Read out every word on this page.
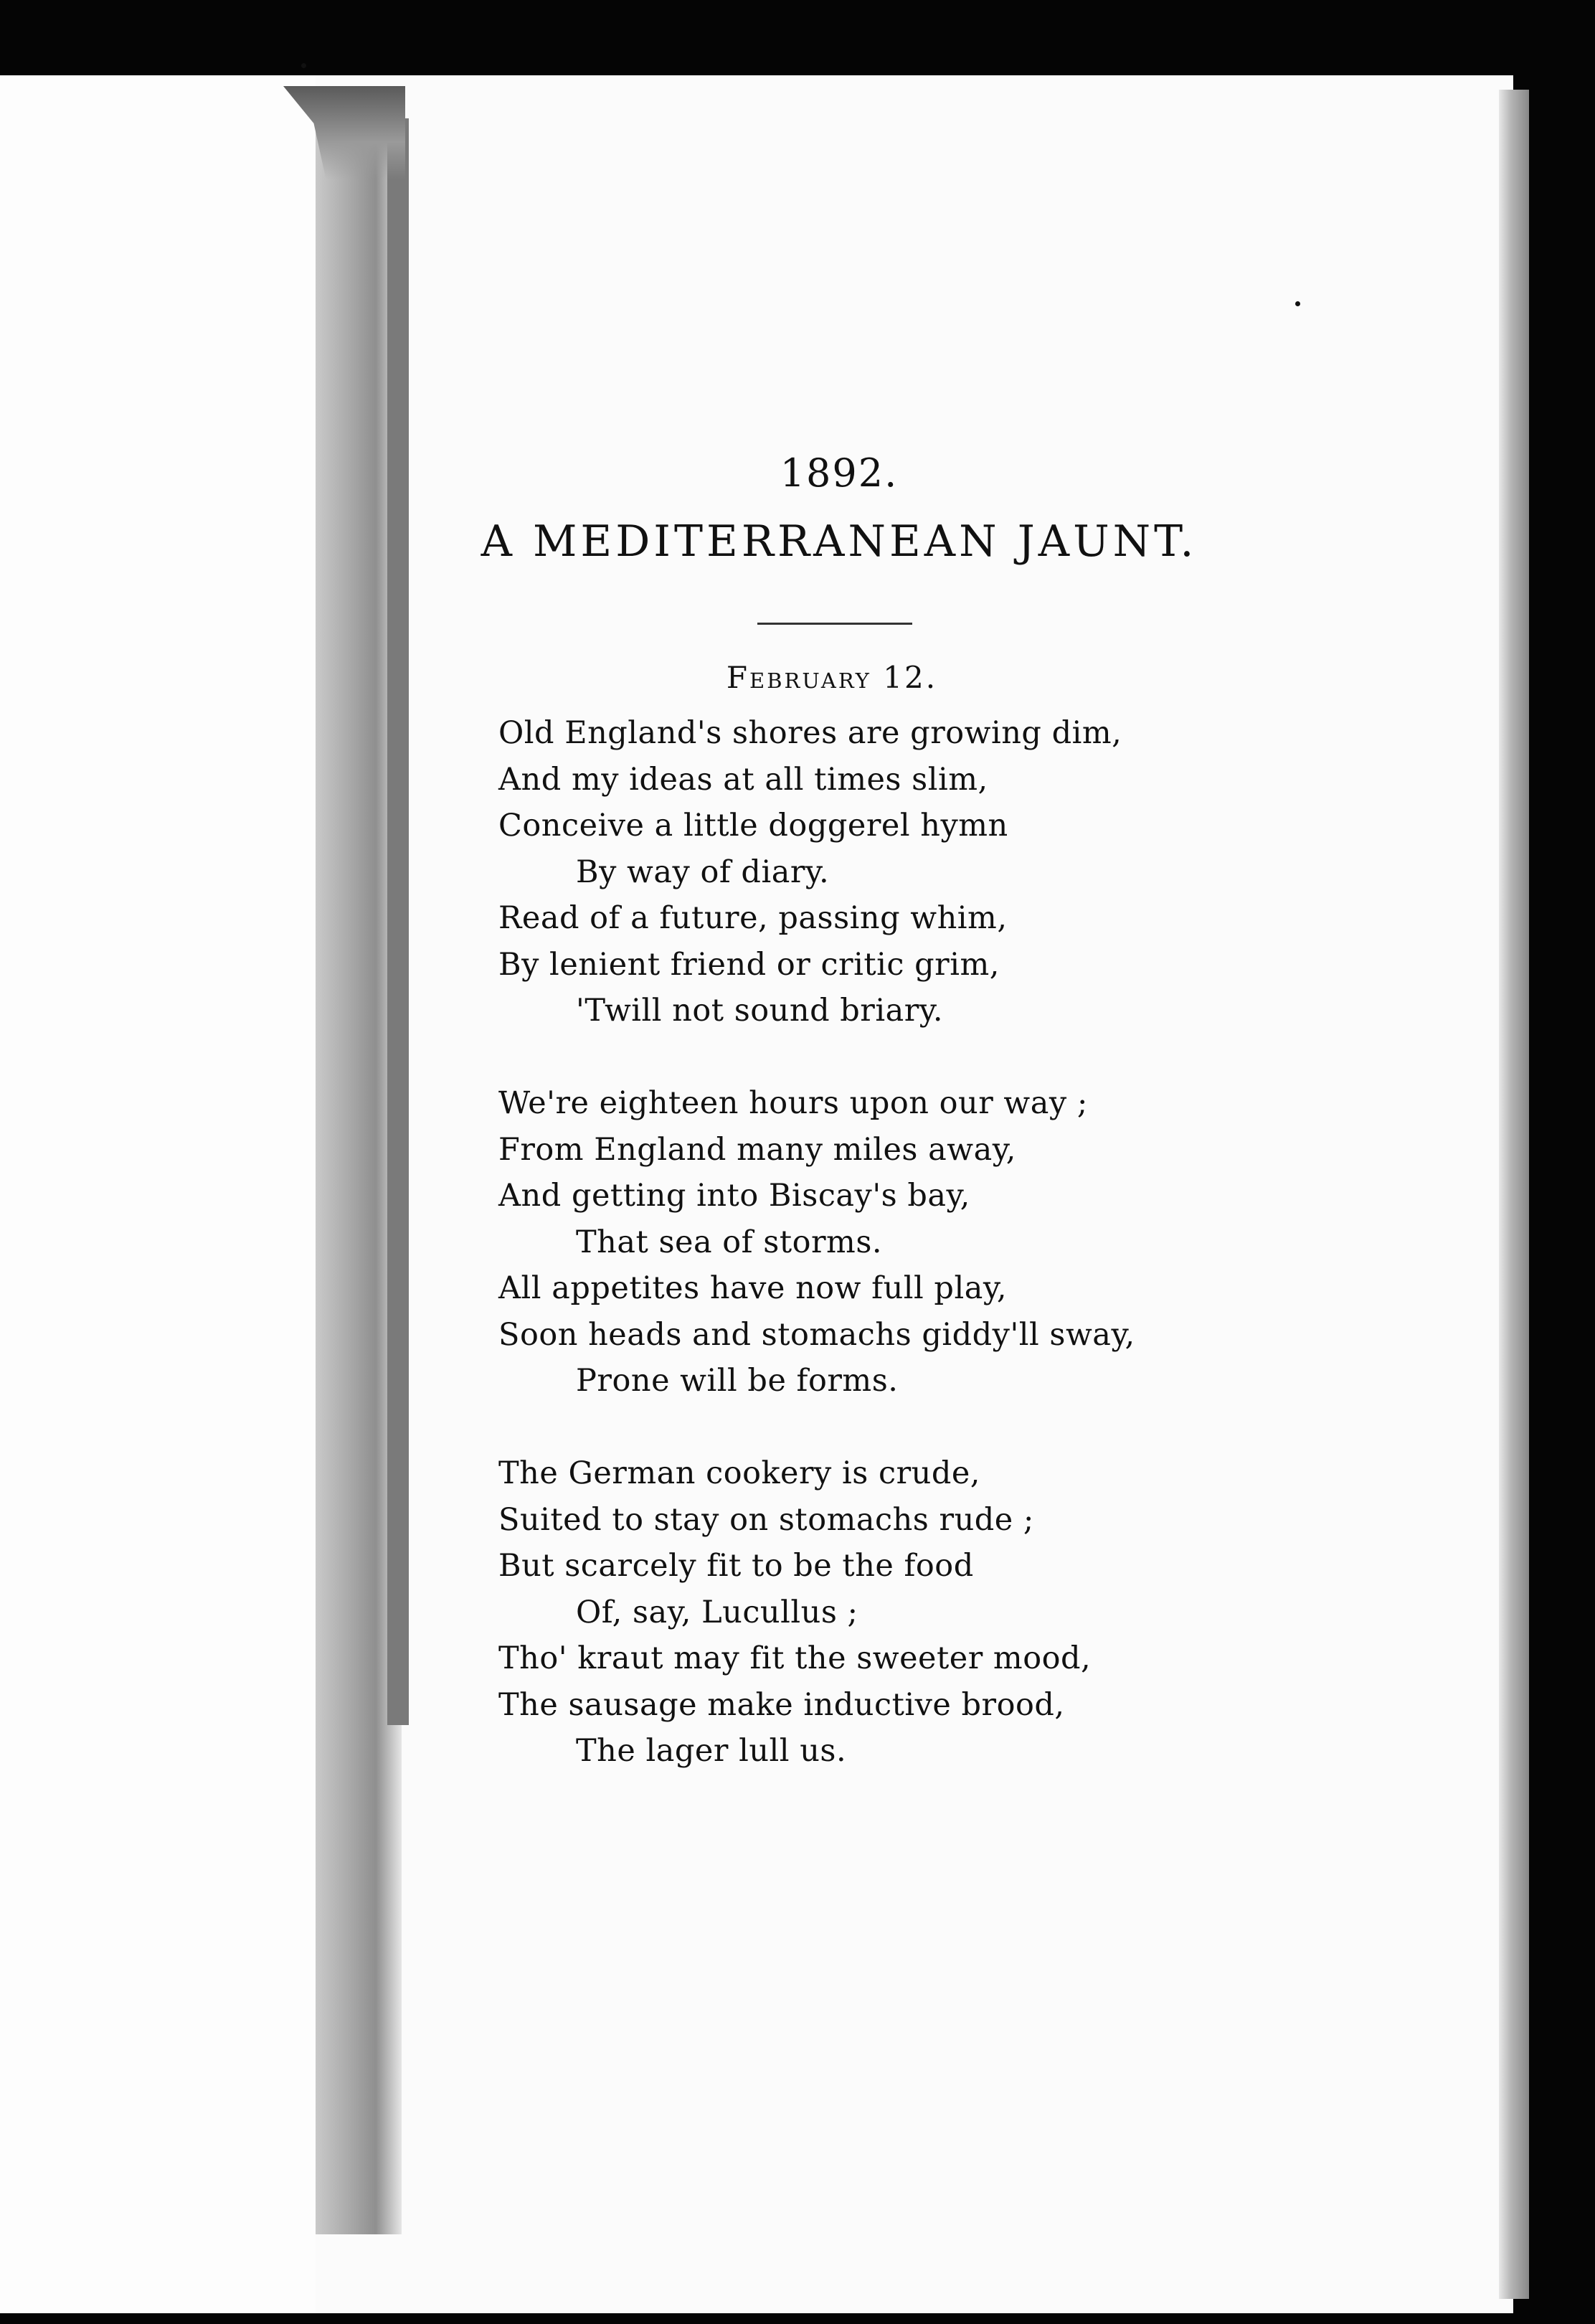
1892.
A MEDITERRANEAN JAUNT.
February 12.
Old England's shores are growing dim,
And my ideas at all times slim,
Conceive a little doggerel hymn
By way of diary.
Read of a future, passing whim,
By lenient friend or critic grim,
'Twill not sound briary.
We're eighteen hours upon our way ;
From England many miles away,
And getting into Biscay's bay,
That sea of storms.
All appetites have now full play,
Soon heads and stomachs giddy'll sway,
Prone will be forms.
The German cookery is crude,
Suited to stay on stomachs rude ;
But scarcely fit to be the food
Of, say, Lucullus ;
Tho' kraut may fit the sweeter mood,
The sausage make inductive brood,
The lager lull us.
